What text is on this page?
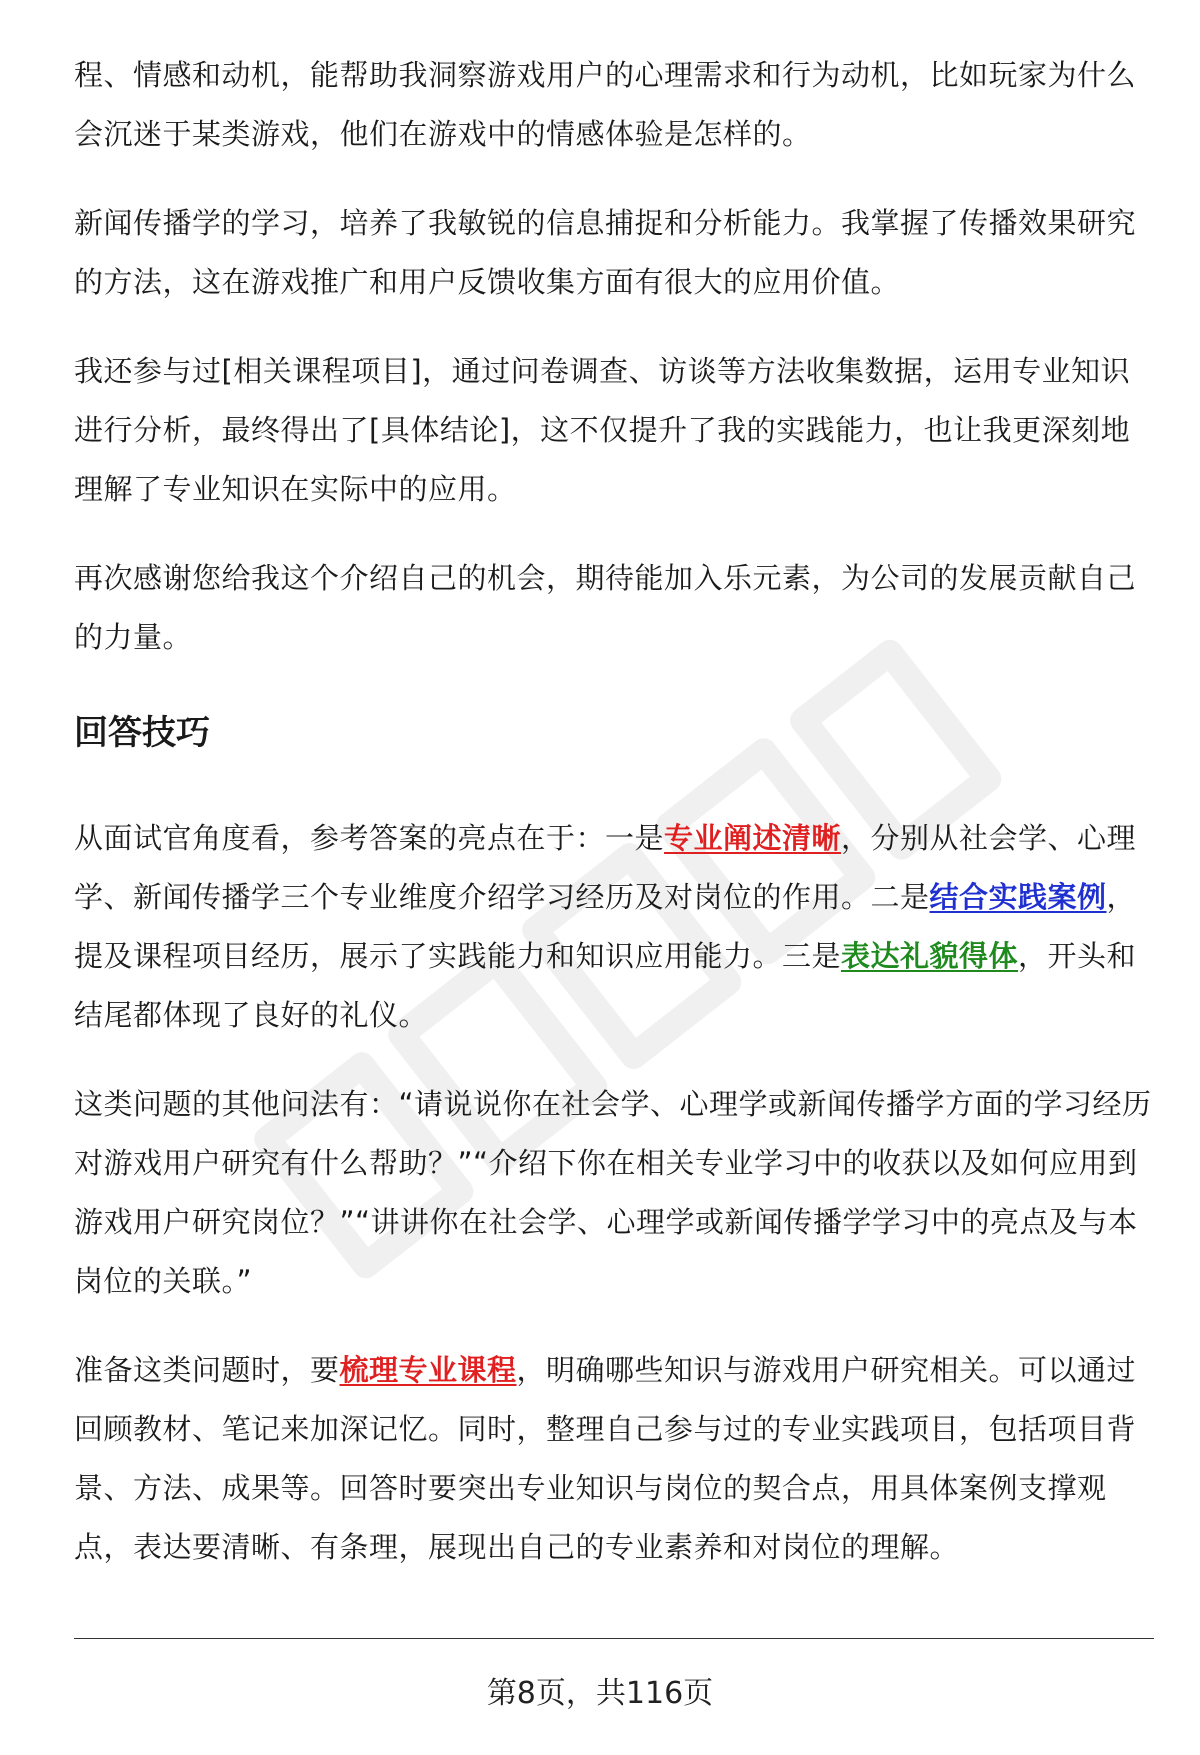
程、情感和动机，能帮助我洞察游戏用户的心理需求和行为动机，比如玩家为什么会沉迷于某类游戏，他们在游戏中的情感体验是怎样的。

新闻传播学的学习，培养了我敏锐的信息捕捉和分析能力。我掌握了传播效果研究的方法，这在游戏推广和用户反馈收集方面有很大的应用价值。

我还参与过[相关课程项目]，通过问卷调查、访谈等方法收集数据，运用专业知识进行分析，最终得出了[具体结论]，这不仅提升了我的实践能力，也让我更深刻地理解了专业知识在实际中的应用。

再次感谢您给我这个介绍自己的机会，期待能加入乐元素，为公司的发展贡献自己的力量。

回答技巧

从面试官角度看，参考答案的亮点在于：一是专业阐述清晰，分别从社会学、心理学、新闻传播学三个专业维度介绍学习经历及对岗位的作用。二是结合实践案例，提及课程项目经历，展示了实践能力和知识应用能力。三是表达礼貌得体，开头和结尾都体现了良好的礼仪。

这类问题的其他问法有：“请说说你在社会学、心理学或新闻传播学方面的学习经历对游戏用户研究有什么帮助？”“介绍下你在相关专业学习中的收获以及如何应用到游戏用户研究岗位？”“讲讲你在社会学、心理学或新闻传播学学习中的亮点及与本岗位的关联。”

准备这类问题时，要梳理专业课程，明确哪些知识与游戏用户研究相关。可以通过回顾教材、笔记来加深记忆。同时，整理自己参与过的专业实践项目，包括项目背景、方法、成果等。回答时要突出专业知识与岗位的契合点，用具体案例支撑观点，表达要清晰、有条理，展现出自己的专业素养和对岗位的理解。

第8页，共116页
